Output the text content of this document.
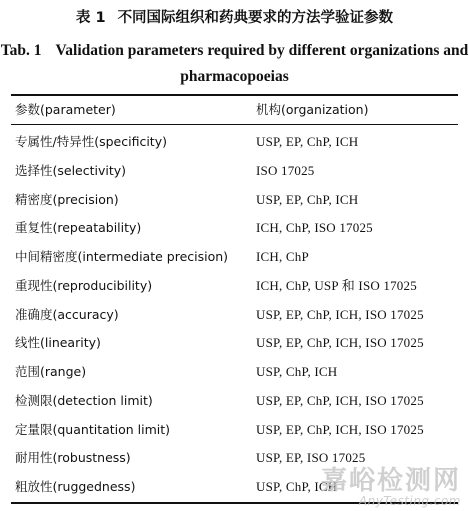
表 1 不同国际组织和药典要求的方法学验证参数
Tab. 1 Validation parameters required by different organizations and pharmacopoeias
参数(parameter)	机构(organization)
专属性/特异性(specificity)	USP, EP, ChP, ICH
选择性(selectivity)	ISO 17025
精密度(precision)	USP, EP, ChP, ICH
重复性(repeatability)	ICH, ChP, ISO 17025
中间精密度(intermediate precision) ICH, ChP
重现性(reproducibility)	ICH, ChP, USP 和 ISO 17025
准确度(accuracy)	USP, EP, ChP, ICH, ISO 17025
线性(linearity)	USP, EP, ChP, ICH, ISO 17025
范围(range)	USP, ChP, ICH
检测限(detection limit)	USP, EP, ChP, ICH, ISO 17025
定量限(quantitation limit)	USP, EP, ChP, ICH, ISO 17025
耐用性(robustness)	USP, EP, ISO 17025
粗放性(ruggedness)	USP, ChP, ICH
嘉峪检测网
AnyTesting.com
